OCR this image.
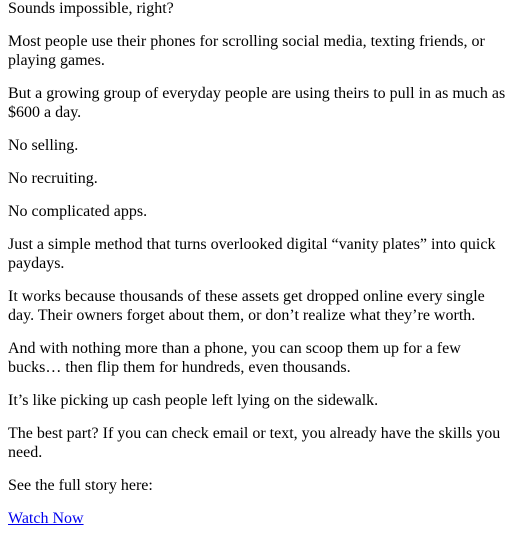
Sounds impossible, right?

Most people use their phones for scrolling social media, texting friends, or playing games.

But a growing group of everyday people are using theirs to pull in as much as $600 a day.

No selling.

No recruiting.

No complicated apps.

Just a simple method that turns overlooked digital “vanity plates” into quick paydays.

It works because thousands of these assets get dropped online every single day. Their owners forget about them, or don’t realize what they’re worth.

And with nothing more than a phone, you can scoop them up for a few bucks… then flip them for hundreds, even thousands.

It’s like picking up cash people left lying on the sidewalk.

The best part? If you can check email or text, you already have the skills you need.

See the full story here:

Watch Now
